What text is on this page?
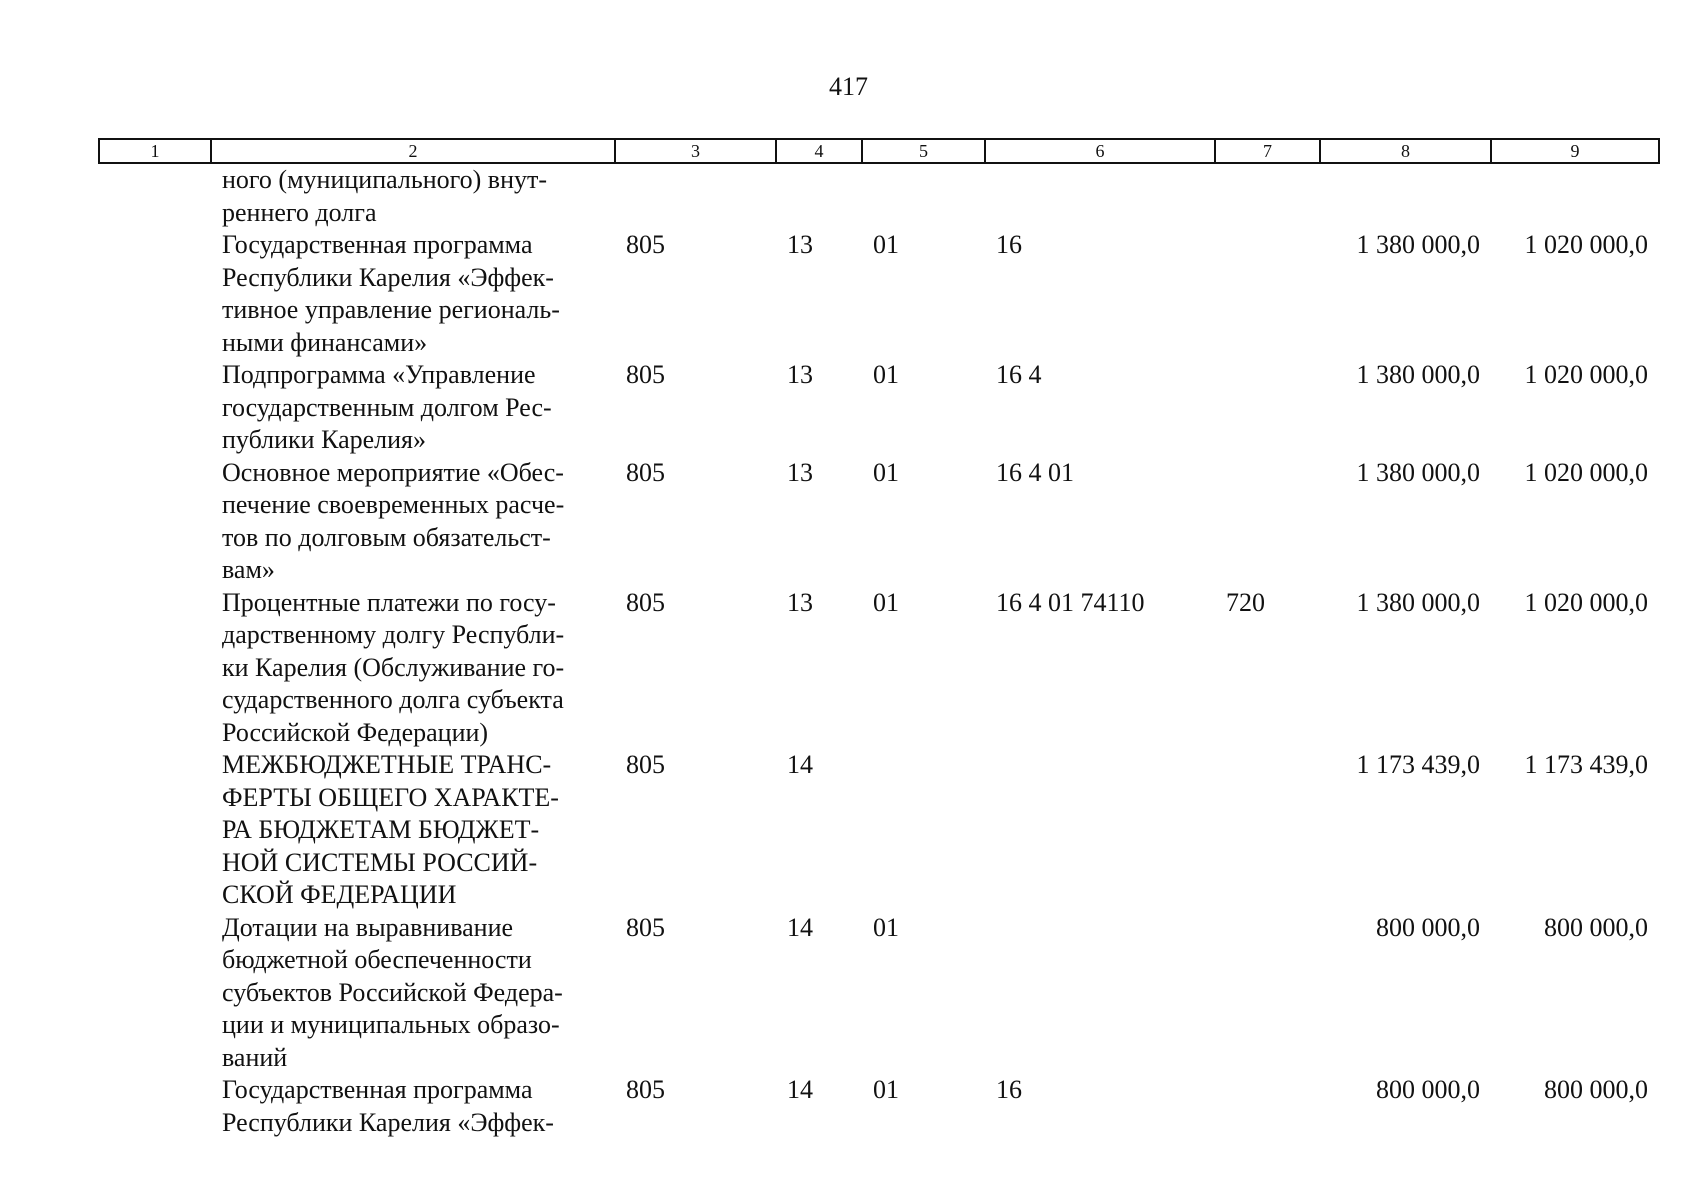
417
1	2	3	4	5	6	7	8	9

	ного (муниципального) внут-
реннего долга							

	Государственная программа
Республики Карелия «Эффек-
тивное управление региональ-
ными финансами»	805	13	01	16		1 380 000,0	1 020 000,0

	Подпрограмма «Управление
государственным долгом Рес-
публики Карелия»	805	13	01	16 4		1 380 000,0	1 020 000,0

	Основное мероприятие «Обес-
печение своевременных расче-
тов по долговым обязательст-
вам»	805	13	01	16 4 01		1 380 000,0	1 020 000,0

	Процентные платежи по госу-
дарственному долгу Республи-
ки Карелия (Обслуживание го-
сударственного долга субъекта
Российской Федерации)	805	13	01	16 4 01 74110	720	1 380 000,0	1 020 000,0

	МЕЖБЮДЖЕТНЫЕ ТРАНС-
ФЕРТЫ ОБЩЕГО ХАРАКТЕ-
РА БЮДЖЕТАМ БЮДЖЕТ-
НОЙ СИСТЕМЫ РОССИЙ-
СКОЙ ФЕДЕРАЦИИ	805	14				1 173 439,0	1 173 439,0

	Дотации на выравнивание
бюджетной обеспеченности
субъектов Российской Федера-
ции и муниципальных образо-
ваний	805	14	01			800 000,0	800 000,0

	Государственная программа
Республики Карелия «Эффек-	805	14	01	16		800 000,0	800 000,0
